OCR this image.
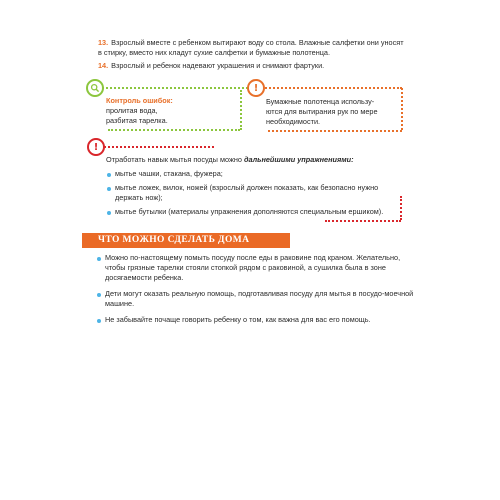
13. Взрослый вместе с ребенком вытирают воду со стола. Влажные салфетки они уносят в стирку, вместо них кладут сухие салфетки и бумажные полотенца.
14. Взрослый и ребенок надевают украшения и снимают фартуки.
Контроль ошибок:
пролитая вода,
разбитая тарелка.
!
Бумажные полотенца использу-
ются для вытирания рук по мере
необходимости.
!
Отработать навык мытья посуды можно дальнейшими упражнениями:
мытье чашки, стакана, фужера;
мытье ложек, вилок, ножей (взрослый должен показать, как безопасно нужно держать нож);
мытье бутылки (материалы упражнения дополняются специальным ершиком).
ЧТО МОЖНО СДЕЛАТЬ ДОМА
Можно по-настоящему помыть посуду после еды в раковине под краном. Желательно, чтобы грязные тарелки стояли стопкой рядом с раковиной, а сушилка была в зоне досягаемости ребенка.
Дети могут оказать реальную помощь, подготавливая посуду для мытья в посудо-моечной машине.
Не забывайте почаще говорить ребенку о том, как важна для вас его помощь.
